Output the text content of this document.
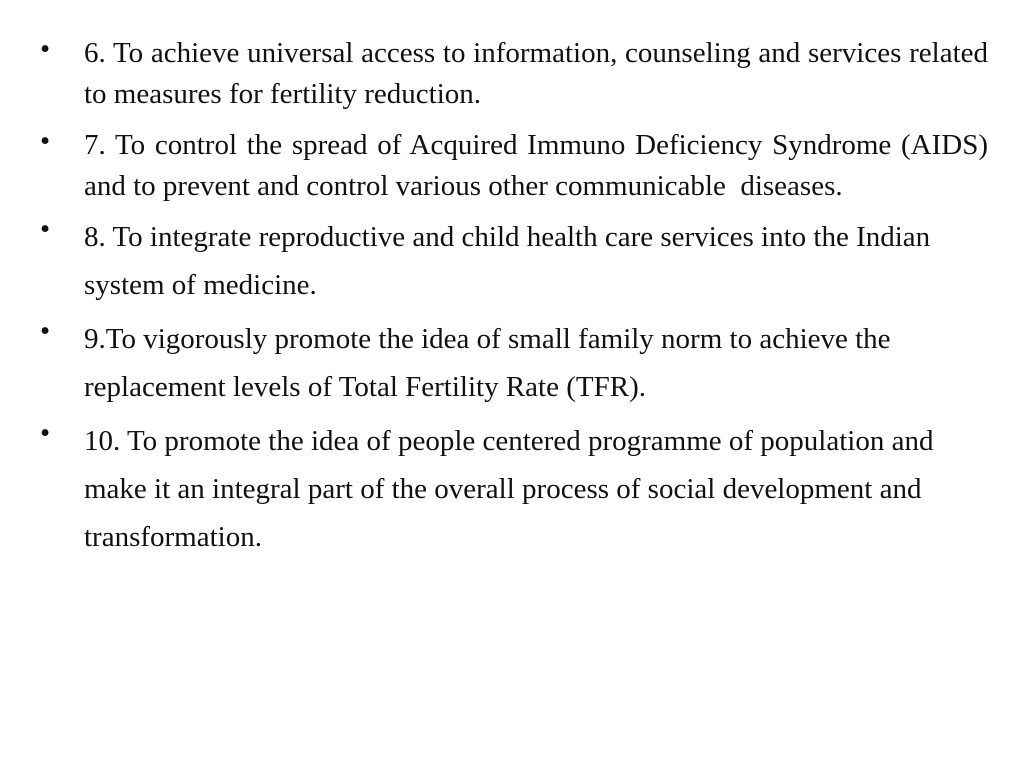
•	6. To achieve universal access to information, counseling and services related to measures for fertility reduction.
•	7. To control the spread of Acquired Immuno Deficiency Syndrome (AIDS) and to prevent and control various other communicable  diseases.
•	8. To integrate reproductive and child health care services into the Indian system of medicine.
•	9.To vigorously promote the idea of small family norm to achieve the replacement levels of Total Fertility Rate (TFR).
•	10. To promote the idea of people centered programme of population and make it an integral part of the overall process of social development and transformation.
